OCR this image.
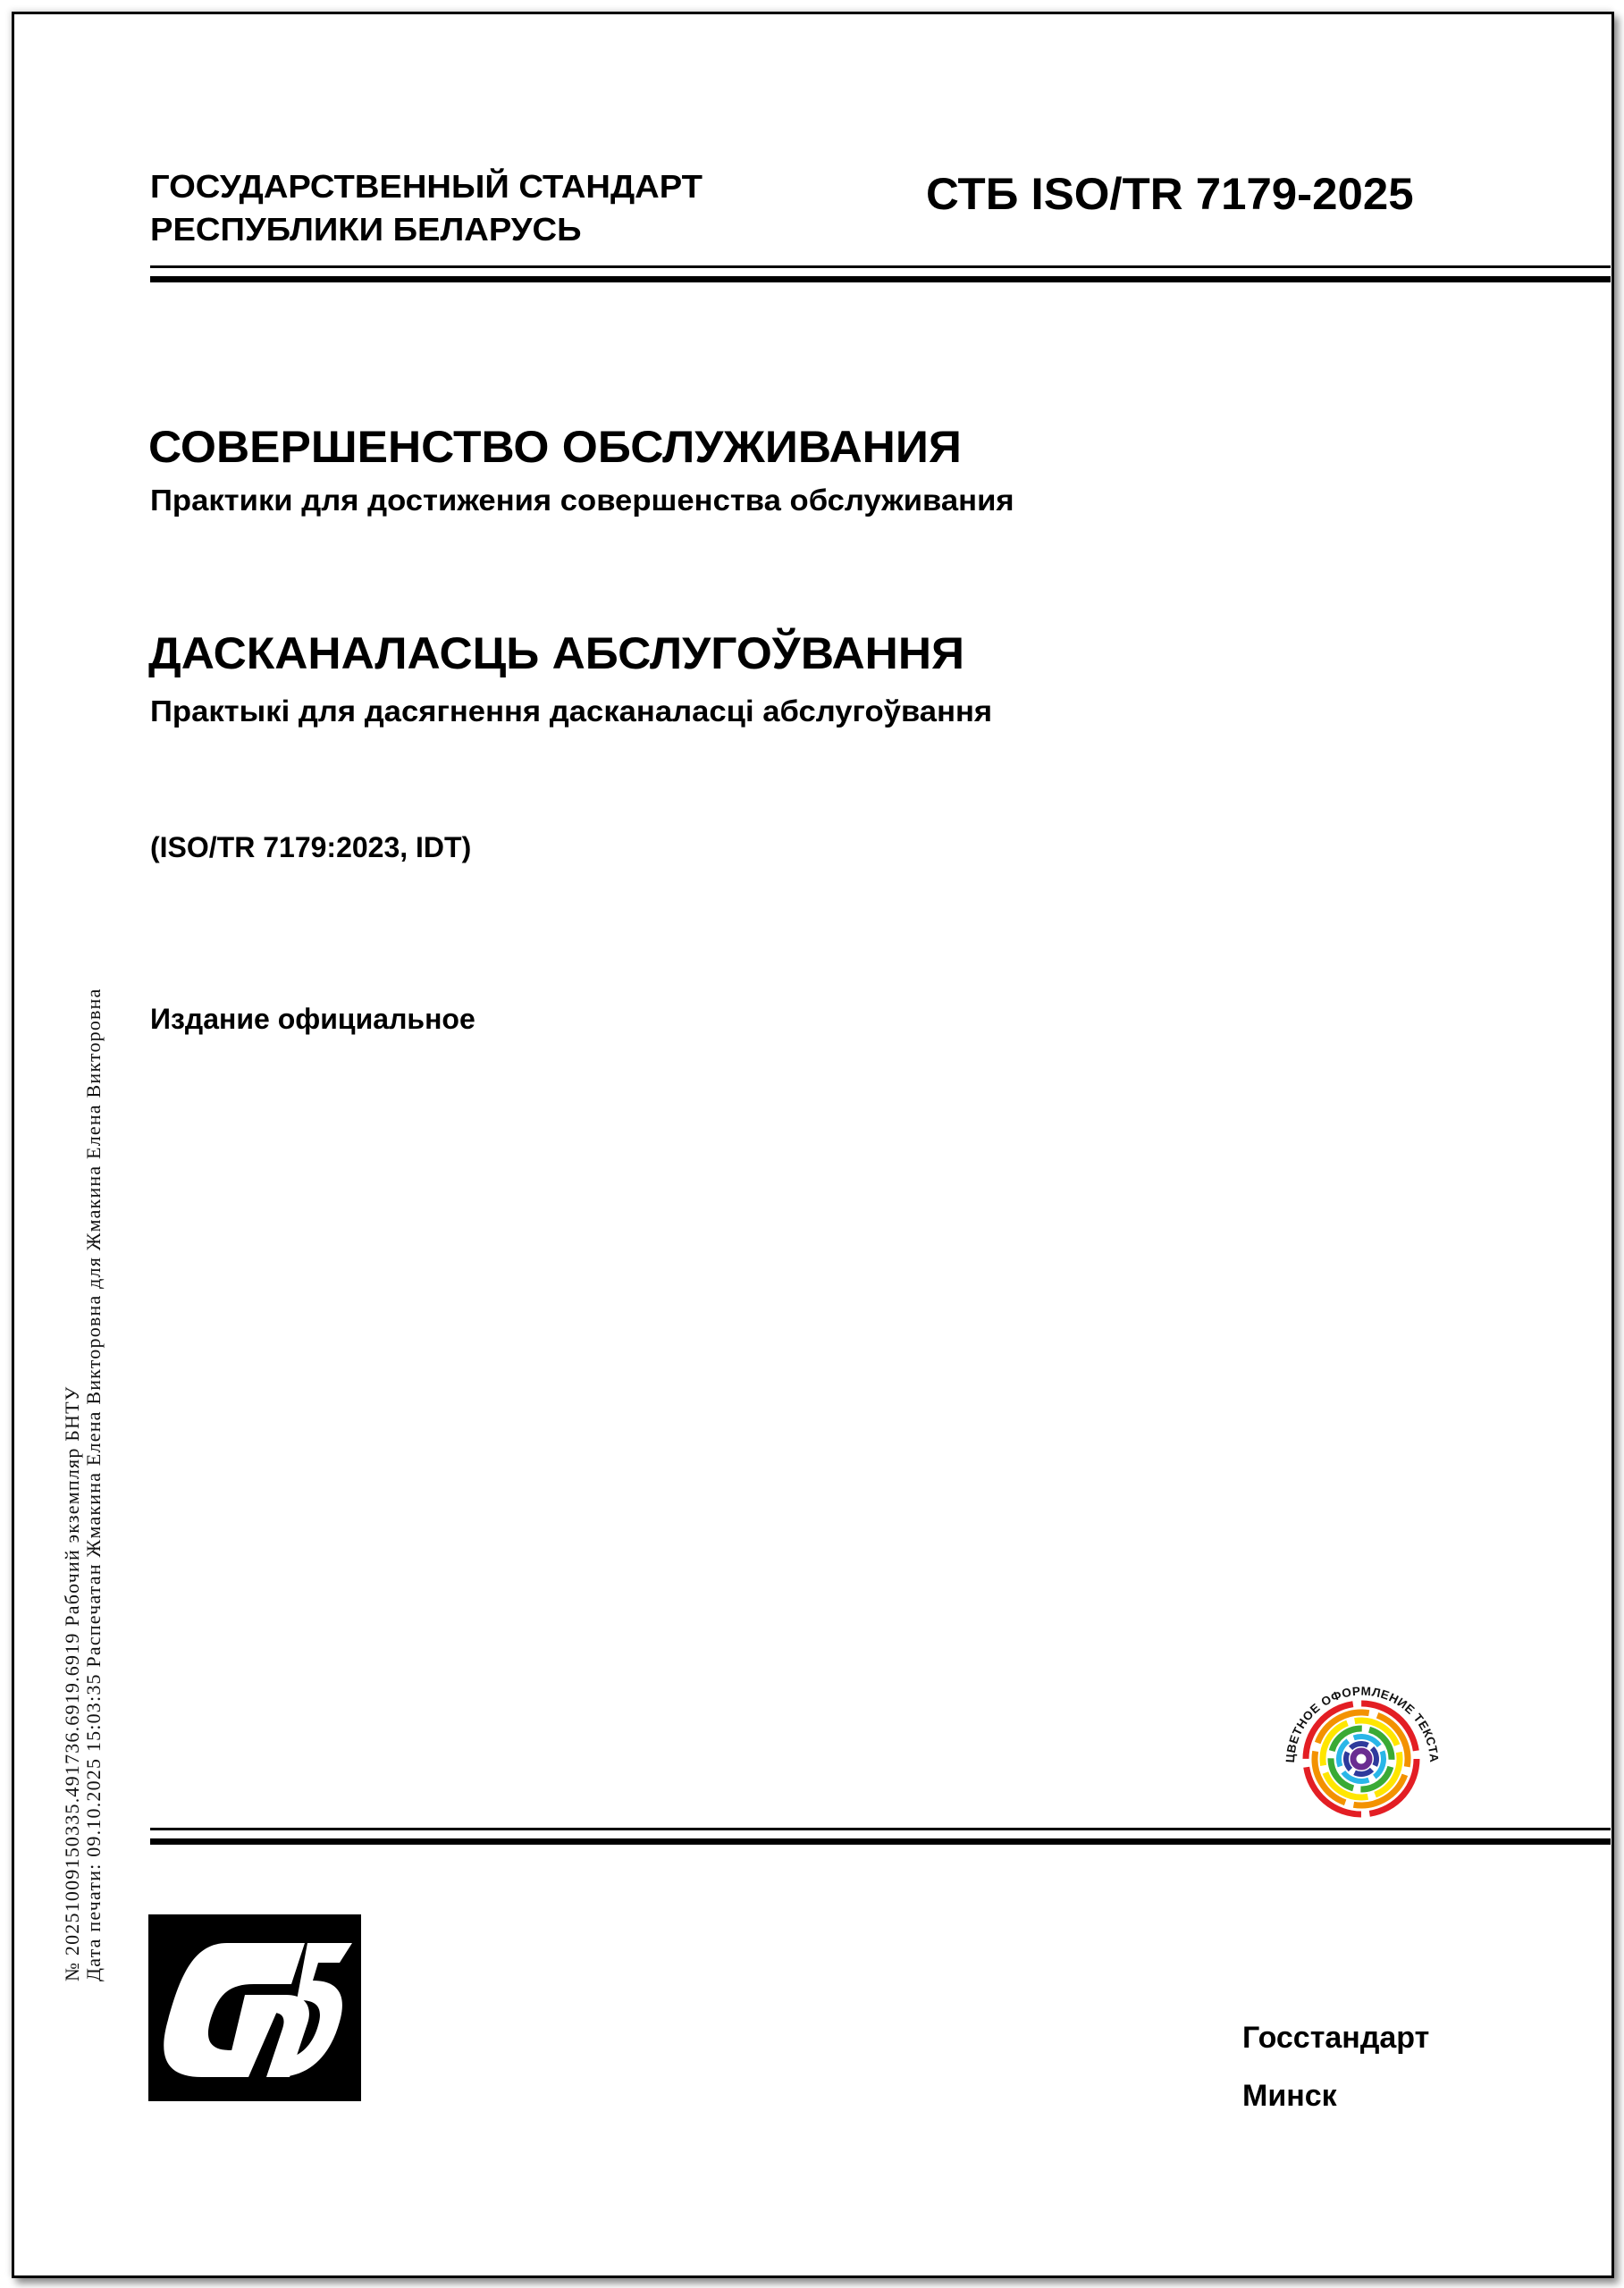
ГОСУДАРСТВЕННЫЙ СТАНДАРТ
РЕСПУБЛИКИ БЕЛАРУСЬ
СТБ ISO/TR 7179-2025
СОВЕРШЕНСТВО ОБСЛУЖИВАНИЯ
Практики для достижения совершенства обслуживания
ДАСКАНАЛАСЦЬ АБСЛУГОЎВАННЯ
Практыкі для дасягнення дасканаласці абслугоўвання
(ISO/TR 7179:2023, IDT)
Издание официальное
№ 20251009150335.491736.6919.6919 Рабочий экземпляр БНТУ Дата печати: 09.10.2025 15:03:35 Распечатан Жмакина Елена Викторовна для Жмакина Елена Викторовна	ЦВЕТНОЕ ОФОРМЛЕНИЕ ТЕКСТА
Госстандарт
Минск
